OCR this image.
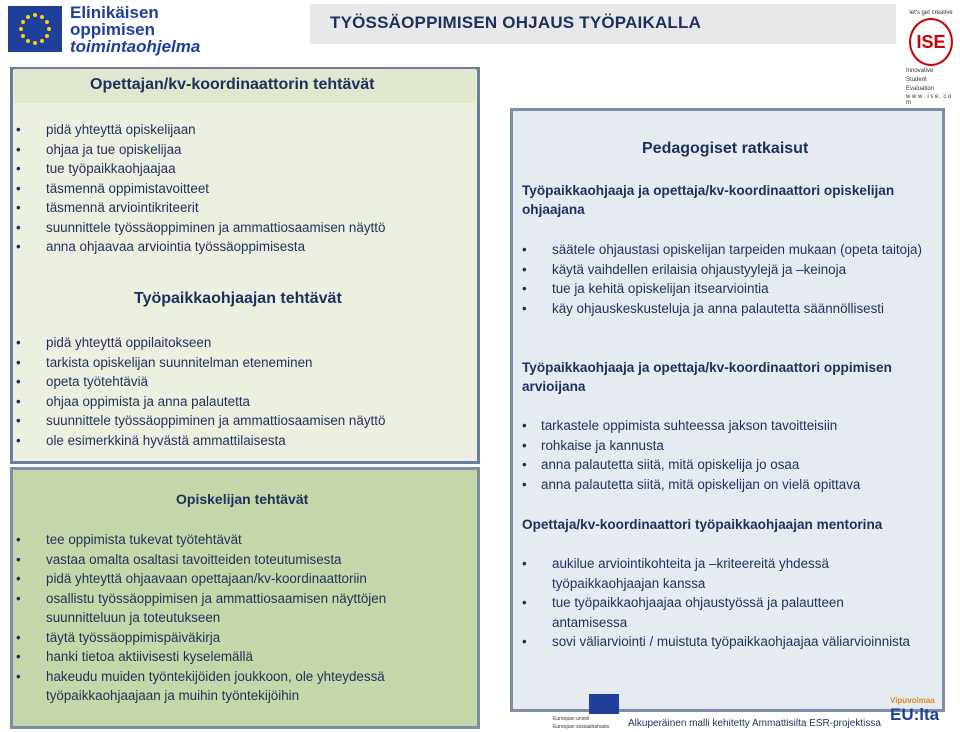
Elinikäisen
oppimisen
toimintaohjelma
TYÖSSÄOPPIMISEN OHJAUS TYÖPAIKALLA	let's get creative
ISE
Innovative
Student
Evaluation
w w w . i s e . c o m
Opettajan/kv-koordinaattorin tehtävät
• pidä yhteyttä opiskelijaan
• ohjaa ja tue opiskelijaa
• tue työpaikkaohjaajaa
• täsmennä oppimistavoitteet
• täsmennä arviointikriteerit
• suunnittele työssäoppiminen ja ammattiosaamisen näyttö
• anna ohjaavaa arviointia työssäoppimisesta
Työpaikkaohjaajan tehtävät
• pidä yhteyttä oppilaitokseen
• tarkista opiskelijan suunnitelman eteneminen
• opeta työtehtäviä
• ohjaa oppimista ja anna palautetta
• suunnittele työssäoppiminen ja ammattiosaamisen näyttö
• ole esimerkkinä hyvästä ammattilaisesta
Opiskelijan tehtävät
• tee oppimista tukevat työtehtävät
• vastaa omalta osaltasi tavoitteiden toteutumisesta
• pidä yhteyttä ohjaavaan opettajaan/kv-koordinaattoriin
• osallistu työssäoppimisen ja ammattiosaamisen näyttöjen suunnitteluun ja toteutukseen
• täytä työssäoppimispäiväkirja
• hanki tietoa aktiivisesti kyselemällä
• hakeudu muiden työntekijöiden joukkoon, ole yhteydessä työpaikkaohjaajaan ja muihin työntekijöihin
Pedagogiset ratkaisut
Työpaikkaohjaaja ja opettaja/kv-koordinaattori opiskelijan ohjaajana
• säätele ohjaustasi opiskelijan tarpeiden mukaan (opeta taitoja)
• käytä vaihdellen erilaisia ohjaustyylejä ja –keinoja
• tue ja kehitä opiskelijan itsearviointia
• käy ohjauskeskusteluja ja anna palautetta säännöllisesti
Työpaikkaohjaaja ja opettaja/kv-koordinaattori oppimisen arvioijana
• tarkastele oppimista suhteessa jakson tavoitteisiin
• rohkaise ja kannusta
• anna palautetta siitä, mitä opiskelija jo osaa
• anna palautetta siitä, mitä opiskelijan on vielä opittava
Opettaja/kv-koordinaattori työpaikkaohjaajan mentorina
• aukilue arviointikohteita ja –kriteereitä yhdessä työpaikkaohjaajan kanssa
• tue työpaikkaohjaajaa ohjaustyössä ja palautteen antamisessa
• sovi väliarviointi / muistuta työpaikkaohjaajaa väliarvioinnista
Euroopan unioni
Euroopan sosiaalirahasto	Alkuperäinen malli kehitetty Ammattisilta ESR-projektissa
Vipuvoimaa
EU:lta
